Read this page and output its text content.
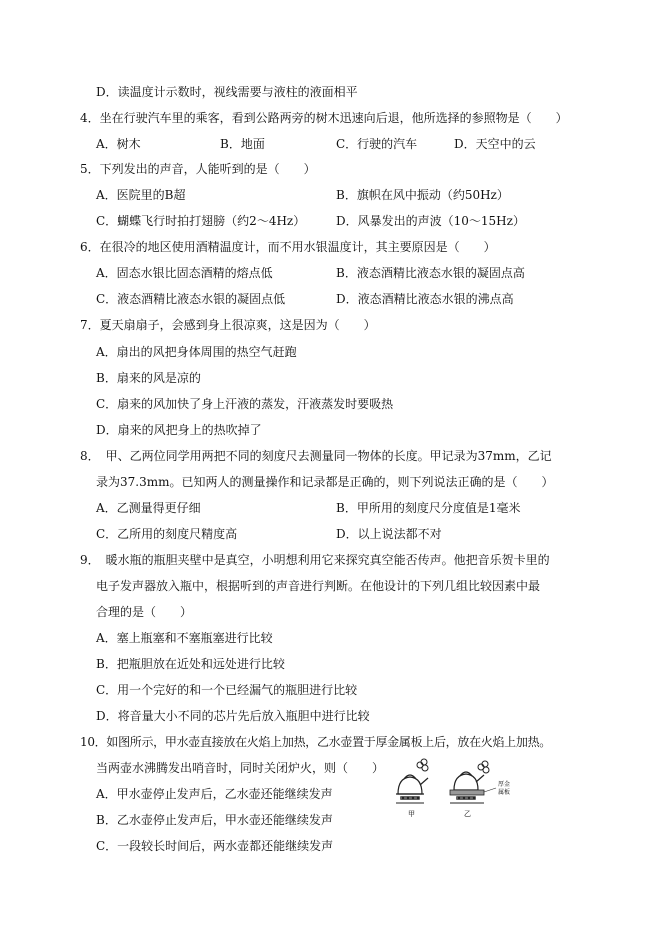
D．读温度计示数时，视线需要与液柱的液面相平
4．坐在行驶汽车里的乘客，看到公路两旁的树木迅速向后退，他所选择的参照物是（　　）
A．树木	B．地面	C．行驶的汽车	D．天空中的云
5．下列发出的声音，人能听到的是（　　）
A．医院里的B超	B．旗帜在风中振动（约50Hz）
C．蝴蝶飞行时拍打翅膀（约2～4Hz）	D．风暴发出的声波（10～15Hz）
6．在很冷的地区使用酒精温度计，而不用水银温度计，其主要原因是（　　）
A．固态水银比固态酒精的熔点低	B．液态酒精比液态水银的凝固点高
C．液态酒精比液态水银的凝固点低	D．液态酒精比液态水银的沸点高
7．夏天扇扇子，会感到身上很凉爽，这是因为（　　）
A．扇出的风把身体周围的热空气赶跑
B．扇来的风是凉的
C．扇来的风加快了身上汗液的蒸发，汗液蒸发时要吸热
D．扇来的风把身上的热吹掉了
8．　甲、乙两位同学用两把不同的刻度尺去测量同一物体的长度。甲记录为37mm，乙记
录为37.3mm。已知两人的测量操作和记录都是正确的，则下列说法正确的是（　　）
A．乙测量得更仔细	B．甲所用的刻度尺分度值是1毫米
C．乙所用的刻度尺精度高	D．以上说法都不对
9．　暖水瓶的瓶胆夹壁中是真空，小明想利用它来探究真空能否传声。他把音乐贺卡里的
电子发声器放入瓶中，根据听到的声音进行判断。在他设计的下列几组比较因素中最
合理的是（　　）
A．塞上瓶塞和不塞瓶塞进行比较
B．把瓶胆放在近处和远处进行比较
C．用一个完好的和一个已经漏气的瓶胆进行比较
D．将音量大小不同的芯片先后放入瓶胆中进行比较
10．如图所示，甲水壶直接放在火焰上加热，乙水壶置于厚金属板上后，放在火焰上加热。
当两壶水沸腾发出哨音时，同时关闭炉火，则（　　）
A．甲水壶停止发声后，乙水壶还能继续发声
B．乙水壶停止发声后，甲水壶还能继续发声
C．一段较长时间后，两水壶都还能继续发声
甲	乙
厚金
属板
